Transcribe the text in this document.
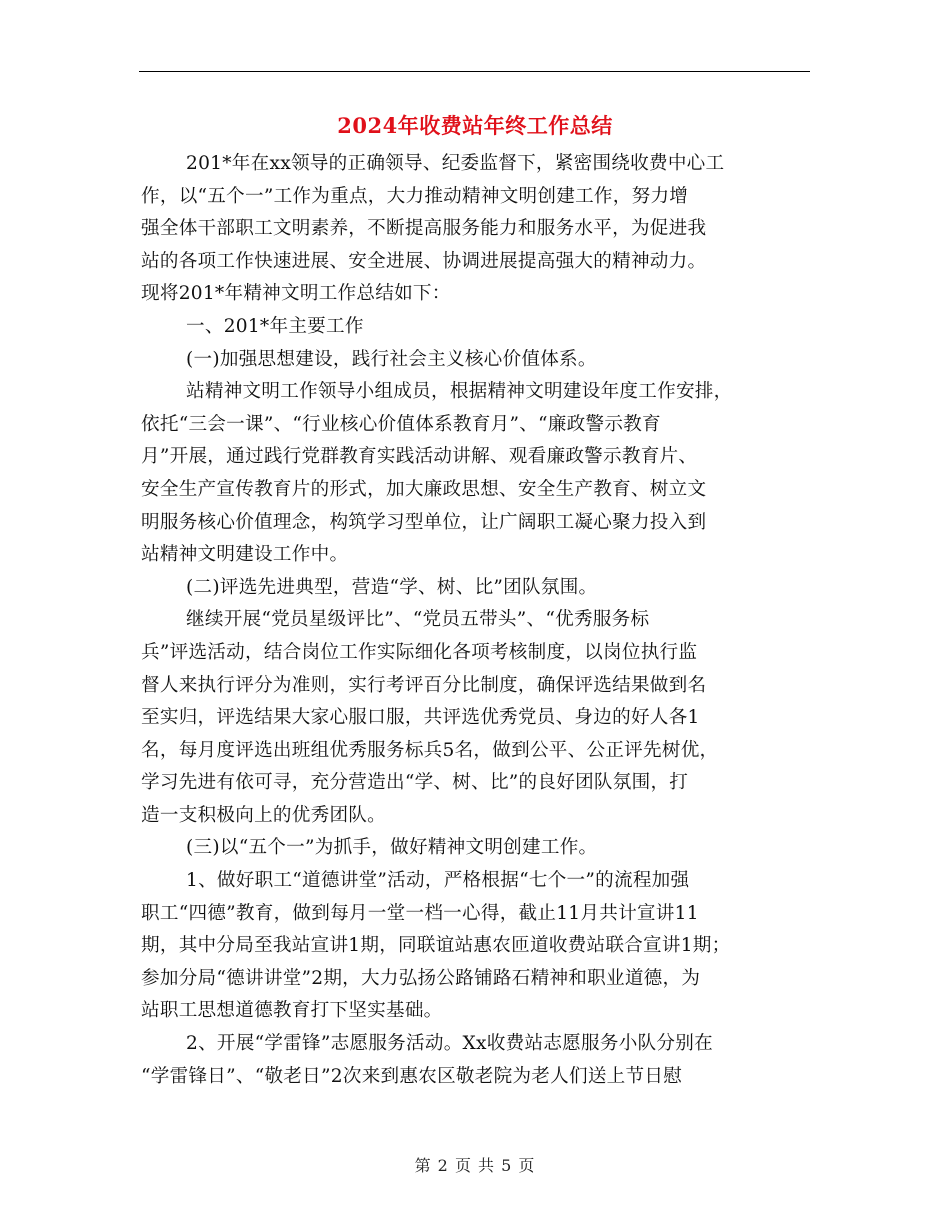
2024年收费站年终工作总结
201*年在xx领导的正确领导、纪委监督下，紧密围绕收费中心工
作，以“五个一”工作为重点，大力推动精神文明创建工作，努力增
强全体干部职工文明素养，不断提高服务能力和服务水平，为促进我
站的各项工作快速进展、安全进展、协调进展提高强大的精神动力。
现将201*年精神文明工作总结如下：
一、201*年主要工作
(一)加强思想建设，践行社会主义核心价值体系。
站精神文明工作领导小组成员，根据精神文明建设年度工作安排，
依托“三会一课”、“行业核心价值体系教育月”、“廉政警示教育
月”开展，通过践行党群教育实践活动讲解、观看廉政警示教育片、
安全生产宣传教育片的形式，加大廉政思想、安全生产教育、树立文
明服务核心价值理念，构筑学习型单位，让广阔职工凝心聚力投入到
站精神文明建设工作中。
(二)评选先进典型，营造“学、树、比”团队氛围。
继续开展“党员星级评比”、“党员五带头”、“优秀服务标
兵”评选活动，结合岗位工作实际细化各项考核制度，以岗位执行监
督人来执行评分为准则，实行考评百分比制度，确保评选结果做到名
至实归，评选结果大家心服口服，共评选优秀党员、身边的好人各1
名，每月度评选出班组优秀服务标兵5名，做到公平、公正评先树优，
学习先进有依可寻，充分营造出“学、树、比”的良好团队氛围，打
造一支积极向上的优秀团队。
(三)以“五个一”为抓手，做好精神文明创建工作。
1、做好职工“道德讲堂”活动，严格根据“七个一”的流程加强
职工“四德”教育，做到每月一堂一档一心得，截止11月共计宣讲11
期，其中分局至我站宣讲1期，同联谊站惠农匝道收费站联合宣讲1期；
参加分局“德讲讲堂”2期，大力弘扬公路铺路石精神和职业道德，为
站职工思想道德教育打下坚实基础。
2、开展“学雷锋”志愿服务活动。Xx收费站志愿服务小队分别在
“学雷锋日”、“敬老日”2次来到惠农区敬老院为老人们送上节日慰
第 2 页 共 5 页
